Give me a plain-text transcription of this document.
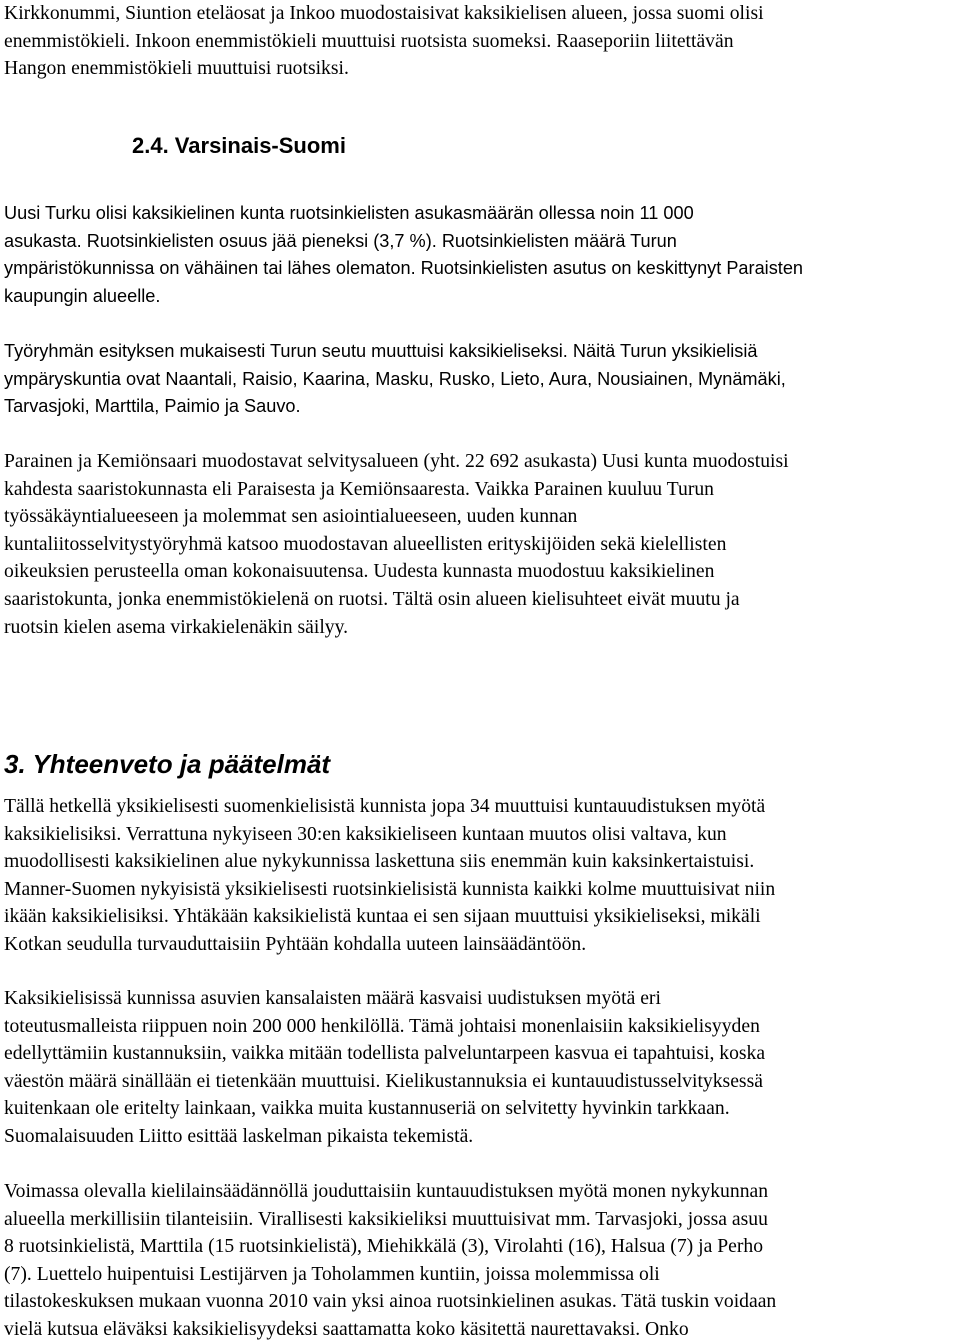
Kirkkonummi, Siuntion eteläosat ja Inkoo muodostaisivat kaksikielisen alueen, jossa suomi olisi
enemmistökieli. Inkoon enemmistökieli muuttuisi ruotsista suomeksi. Raaseporiin liitettävän
Hangon enemmistökieli muuttuisi ruotsiksi.
2.4. Varsinais-Suomi
Uusi Turku olisi kaksikielinen kunta ruotsinkielisten asukasmäärän ollessa noin 11 000
asukasta. Ruotsinkielisten osuus jää pieneksi (3,7 %). Ruotsinkielisten määrä Turun
ympäristökunnissa on vähäinen tai lähes olematon. Ruotsinkielisten asutus on keskittynyt Paraisten
kaupungin alueelle.
Työryhmän esityksen mukaisesti Turun seutu muuttuisi kaksikieliseksi. Näitä Turun yksikielisiä
ympäryskuntia ovat Naantali, Raisio, Kaarina, Masku, Rusko, Lieto, Aura, Nousiainen, Mynämäki,
Tarvasjoki, Marttila, Paimio ja Sauvo.
Parainen ja Kemiönsaari muodostavat selvitysalueen (yht. 22 692 asukasta) Uusi kunta muodostuisi
kahdesta saaristokunnasta eli Paraisesta ja Kemiönsaaresta. Vaikka Parainen kuuluu Turun
työssäkäyntialueeseen ja molemmat sen asiointialueeseen, uuden kunnan
kuntaliitosselvitystyöryhmä katsoo muodostavan alueellisten erityskijöiden sekä kielellisten
oikeuksien perusteella oman kokonaisuutensa. Uudesta kunnasta muodostuu kaksikielinen
saaristokunta, jonka enemmistökielenä on ruotsi. Tältä osin alueen kielisuhteet eivät muutu ja
ruotsin kielen asema virkakielenäkin säilyy.
3. Yhteenveto ja päätelmät
Tällä hetkellä yksikielisesti suomenkielisistä kunnista jopa 34 muuttuisi kuntauudistuksen myötä
kaksikielisiksi. Verrattuna nykyiseen 30:en kaksikieliseen kuntaan muutos olisi valtava, kun
muodollisesti kaksikielinen alue nykykunnissa laskettuna siis enemmän kuin kaksinkertaistuisi.
Manner-Suomen nykyisistä yksikielisesti ruotsinkielisistä kunnista kaikki kolme muuttuisivat niin
ikään kaksikielisiksi. Yhtäkään kaksikielistä kuntaa ei sen sijaan muuttuisi yksikieliseksi, mikäli
Kotkan seudulla turvauduttaisiin Pyhtään kohdalla uuteen lainsäädäntöön.
Kaksikielisissä kunnissa asuvien kansalaisten määrä kasvaisi uudistuksen myötä eri
toteutusmalleista riippuen noin 200 000 henkilöllä. Tämä johtaisi monenlaisiin kaksikielisyyden
edellyttämiin kustannuksiin, vaikka mitään todellista palveluntarpeen kasvua ei tapahtuisi, koska
väestön määrä sinällään ei tietenkään muuttuisi. Kielikustannuksia ei kuntauudistusselvityksessä
kuitenkaan ole eritelty lainkaan, vaikka muita kustannuseriä on selvitetty hyvinkin tarkkaan.
Suomalaisuuden Liitto esittää laskelman pikaista tekemistä.
Voimassa olevalla kielilainsäädännöllä jouduttaisiin kuntauudistuksen myötä monen nykykunnan
alueella merkillisiin tilanteisiin. Virallisesti kaksikieliksi muuttuisivat mm. Tarvasjoki, jossa asuu
8 ruotsinkielistä, Marttila (15 ruotsinkielistä), Miehikkälä (3), Virolahti (16), Halsua (7) ja Perho
(7). Luettelo huipentuisi Lestijärven ja Toholammen kuntiin, joissa molemmissa oli
tilastokeskuksen mukaan vuonna 2010 vain yksi ainoa ruotsinkielinen asukas. Tätä tuskin voidaan
vielä kutsua eläväksi kaksikielisyydeksi saattamatta koko käsitettä naurettavaksi. Onko
